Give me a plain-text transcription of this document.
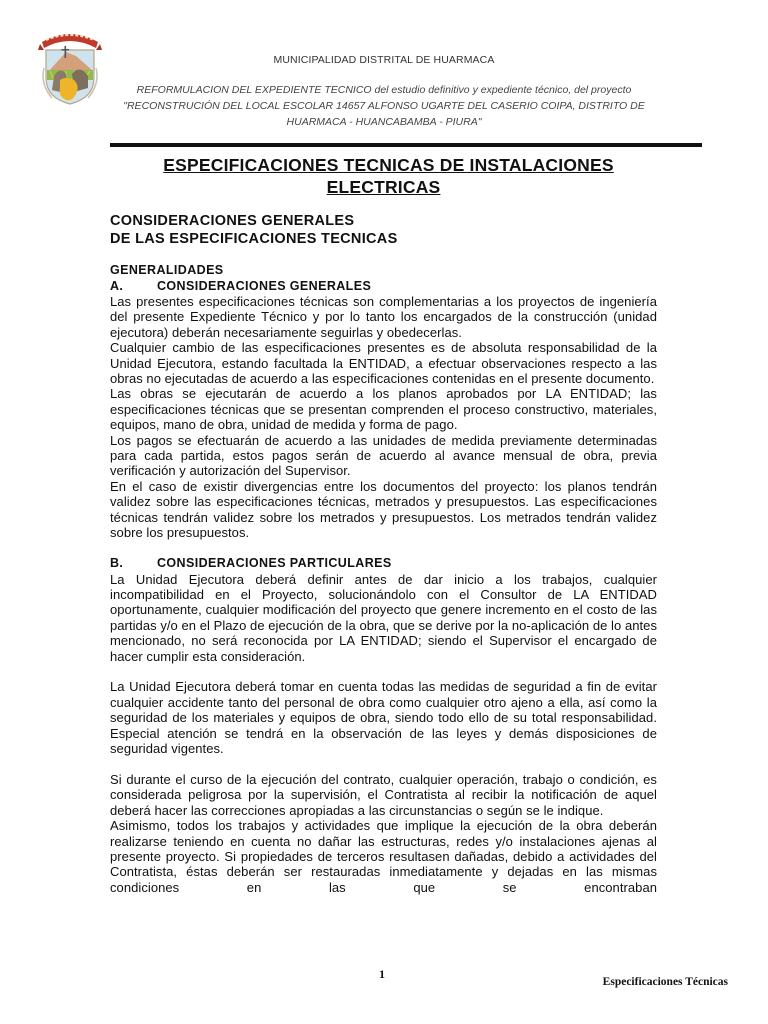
MUNICIPALIDAD DISTRITAL DE HUARMACA
REFORMULACION DEL EXPEDIENTE TECNICO del estudio definitivo y expediente técnico, del proyecto
"RECONSTRUCIÓN DEL LOCAL ESCOLAR 14657 ALFONSO UGARTE DEL CASERIO COIPA, DISTRITO DE
HUARMACA - HUANCABAMBA - PIURA"
ESPECIFICACIONES TECNICAS DE INSTALACIONES
ELECTRICAS
CONSIDERACIONES GENERALES
DE LAS ESPECIFICACIONES TECNICAS
GENERALIDADES
A.	CONSIDERACIONES GENERALES

Las presentes especificaciones técnicas son complementarias a los proyectos de ingeniería del presente Expediente Técnico y por lo tanto los encargados de la construcción (unidad ejecutora) deberán necesariamente seguirlas y obedecerlas.

Cualquier cambio de las especificaciones presentes es de absoluta responsabilidad de la Unidad Ejecutora, estando facultada la ENTIDAD, a efectuar observaciones respecto a las obras no ejecutadas de acuerdo a las especificaciones contenidas en el presente documento.

Las obras se ejecutarán de acuerdo a los planos aprobados por LA ENTIDAD; las especificaciones técnicas que se presentan comprenden el proceso constructivo, materiales, equipos, mano de obra, unidad de medida y forma de pago.

Los pagos se efectuarán de acuerdo a las unidades de medida previamente determinadas para cada partida, estos pagos serán de acuerdo al avance mensual de obra, previa verificación y autorización del Supervisor.

En el caso de existir divergencias entre los documentos del proyecto: los planos tendrán validez sobre las especificaciones técnicas, metrados y presupuestos. Las especificaciones técnicas tendrán validez sobre los metrados y presupuestos. Los metrados tendrán validez sobre los presupuestos.

B.	CONSIDERACIONES PARTICULARES

La Unidad Ejecutora deberá definir antes de dar inicio a los trabajos, cualquier incompatibilidad en el Proyecto, solucionándolo con el Consultor de LA ENTIDAD oportunamente, cualquier modificación del proyecto que genere incremento en el costo de las partidas y/o en el Plazo de ejecución de la obra, que se derive por la no-aplicación de lo antes mencionado, no será reconocida por LA ENTIDAD; siendo el Supervisor el encargado de hacer cumplir esta consideración.

La Unidad Ejecutora deberá tomar en cuenta todas las medidas de seguridad a fin de evitar cualquier accidente tanto del personal de obra como cualquier otro ajeno a ella, así como la seguridad de los materiales y equipos de obra, siendo todo ello de su total responsabilidad. Especial atención se tendrá en la observación de las leyes y demás disposiciones de seguridad vigentes.

Si durante el curso de la ejecución del contrato, cualquier operación, trabajo o condición, es considerada peligrosa por la supervisión, el Contratista al recibir la notificación de aquel deberá hacer las correcciones apropiadas a las circunstancias o según se le indique.

Asimismo, todos los trabajos y actividades que implique la ejecución de la obra deberán realizarse teniendo en cuenta no dañar las estructuras, redes y/o instalaciones ajenas al presente proyecto. Si propiedades de terceros resultasen dañadas, debido a actividades del Contratista, éstas deberán ser restauradas inmediatamente y dejadas en las mismas condiciones en las que se encontraban

1
Especificaciones Técnicas
